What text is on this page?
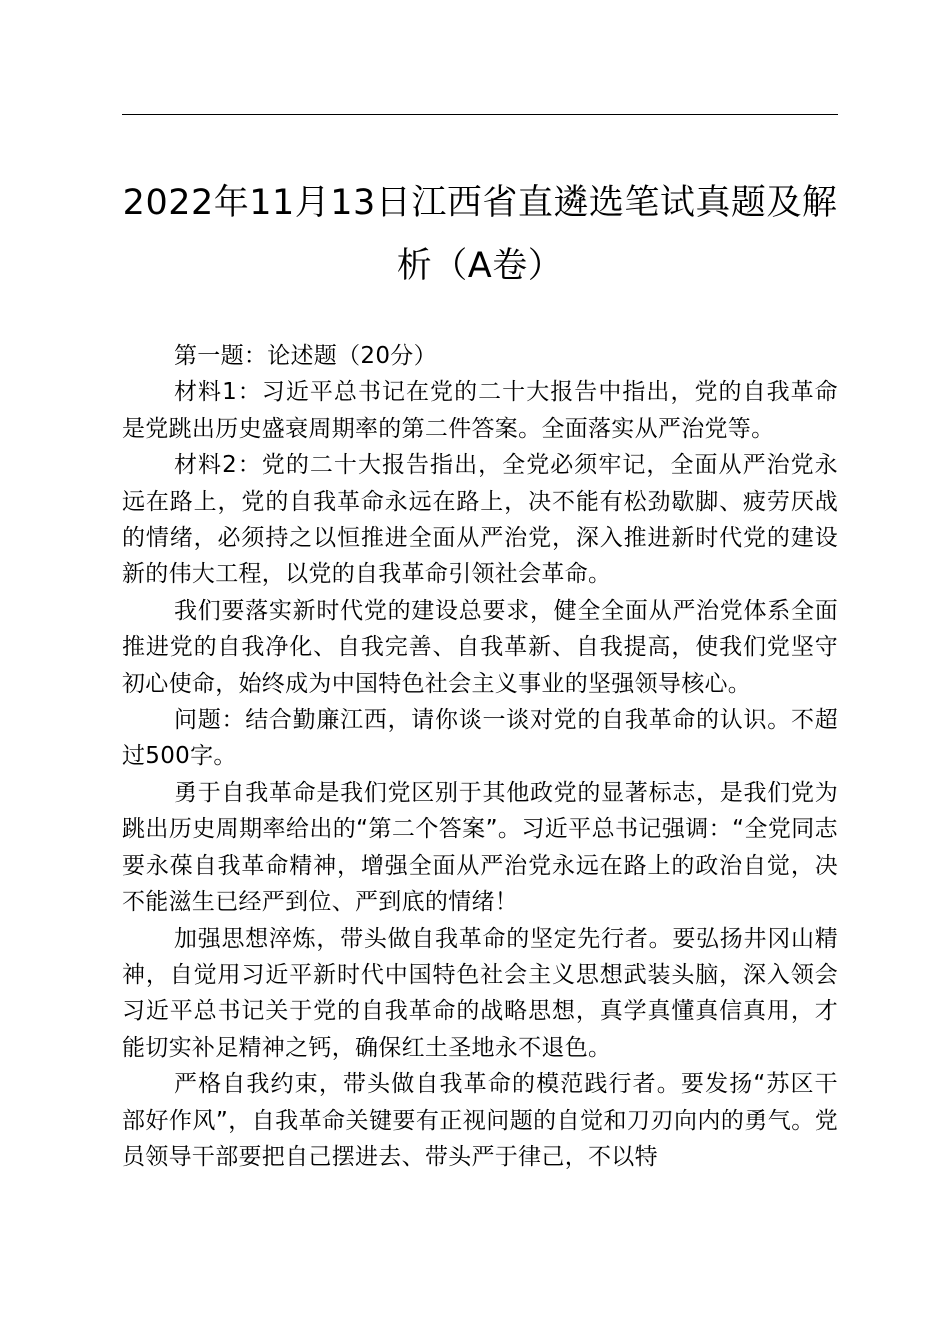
2022年11月13日江西省直遴选笔试真题及解析（A卷）

第一题：论述题（20分）

材料1：习近平总书记在党的二十大报告中指出，党的自我革命是党跳出历史盛衰周期率的第二件答案。全面落实从严治党等。

材料2：党的二十大报告指出，全党必须牢记，全面从严治党永远在路上，党的自我革命永远在路上，决不能有松劲歇脚、疲劳厌战的情绪，必须持之以恒推进全面从严治党，深入推进新时代党的建设新的伟大工程，以党的自我革命引领社会革命。

我们要落实新时代党的建设总要求，健全全面从严治党体系全面推进党的自我净化、自我完善、自我革新、自我提高，使我们党坚守初心使命，始终成为中国特色社会主义事业的坚强领导核心。

问题：结合勤廉江西，请你谈一谈对党的自我革命的认识。不超过500字。

勇于自我革命是我们党区别于其他政党的显著标志，是我们党为跳出历史周期率给出的“第二个答案”。习近平总书记强调：“全党同志要永葆自我革命精神，增强全面从严治党永远在路上的政治自觉，决不能滋生已经严到位、严到底的情绪！

加强思想淬炼，带头做自我革命的坚定先行者。要弘扬井冈山精神，自觉用习近平新时代中国特色社会主义思想武装头脑，深入领会习近平总书记关于党的自我革命的战略思想，真学真懂真信真用，才能切实补足精神之钙，确保红土圣地永不退色。

严格自我约束，带头做自我革命的模范践行者。要发扬“苏区干部好作风”，自我革命关键要有正视问题的自觉和刀刃向内的勇气。党员领导干部要把自己摆进去、带头严于律己，不以特
